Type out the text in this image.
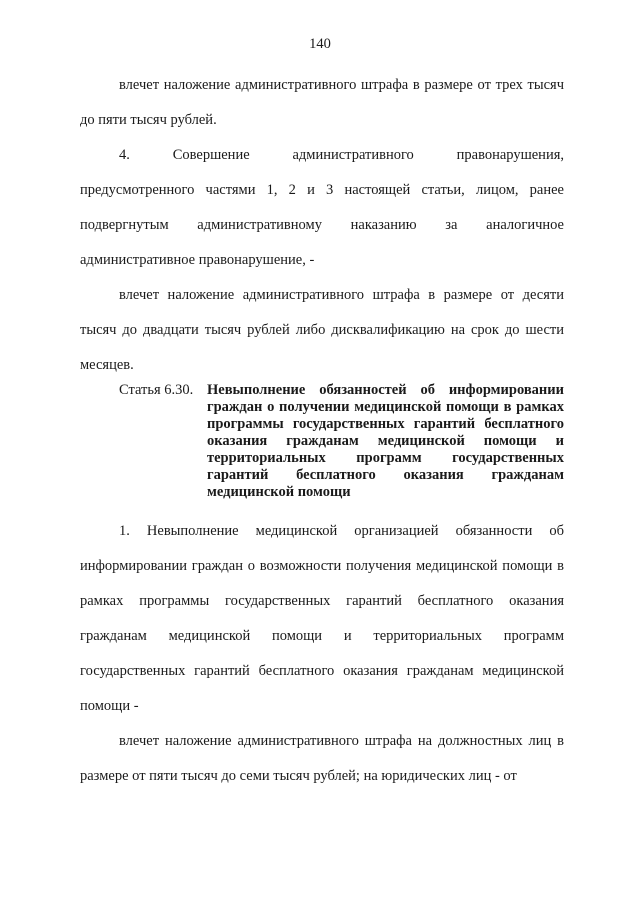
140

влечет наложение административного штрафа в размере от трех тысяч до пяти тысяч рублей.

4. Совершение административного правонарушения, предусмотренного частями 1, 2 и 3 настоящей статьи, лицом, ранее подвергнутым административному наказанию за аналогичное административное правонарушение, -

влечет наложение административного штрафа в размере от десяти тысяч до двадцати тысяч рублей либо дисквалификацию на срок до шести месяцев.

Статья 6.30. Невыполнение обязанностей об информировании граждан о получении медицинской помощи в рамках программы государственных гарантий бесплатного оказания гражданам медицинской помощи и территориальных программ государственных гарантий бесплатного оказания гражданам медицинской помощи

1. Невыполнение медицинской организацией обязанности об информировании граждан о возможности получения медицинской помощи в рамках программы государственных гарантий бесплатного оказания гражданам медицинской помощи и территориальных программ государственных гарантий бесплатного оказания гражданам медицинской помощи -

влечет наложение административного штрафа на должностных лиц в размере от пяти тысяч до семи тысяч рублей; на юридических лиц - от
